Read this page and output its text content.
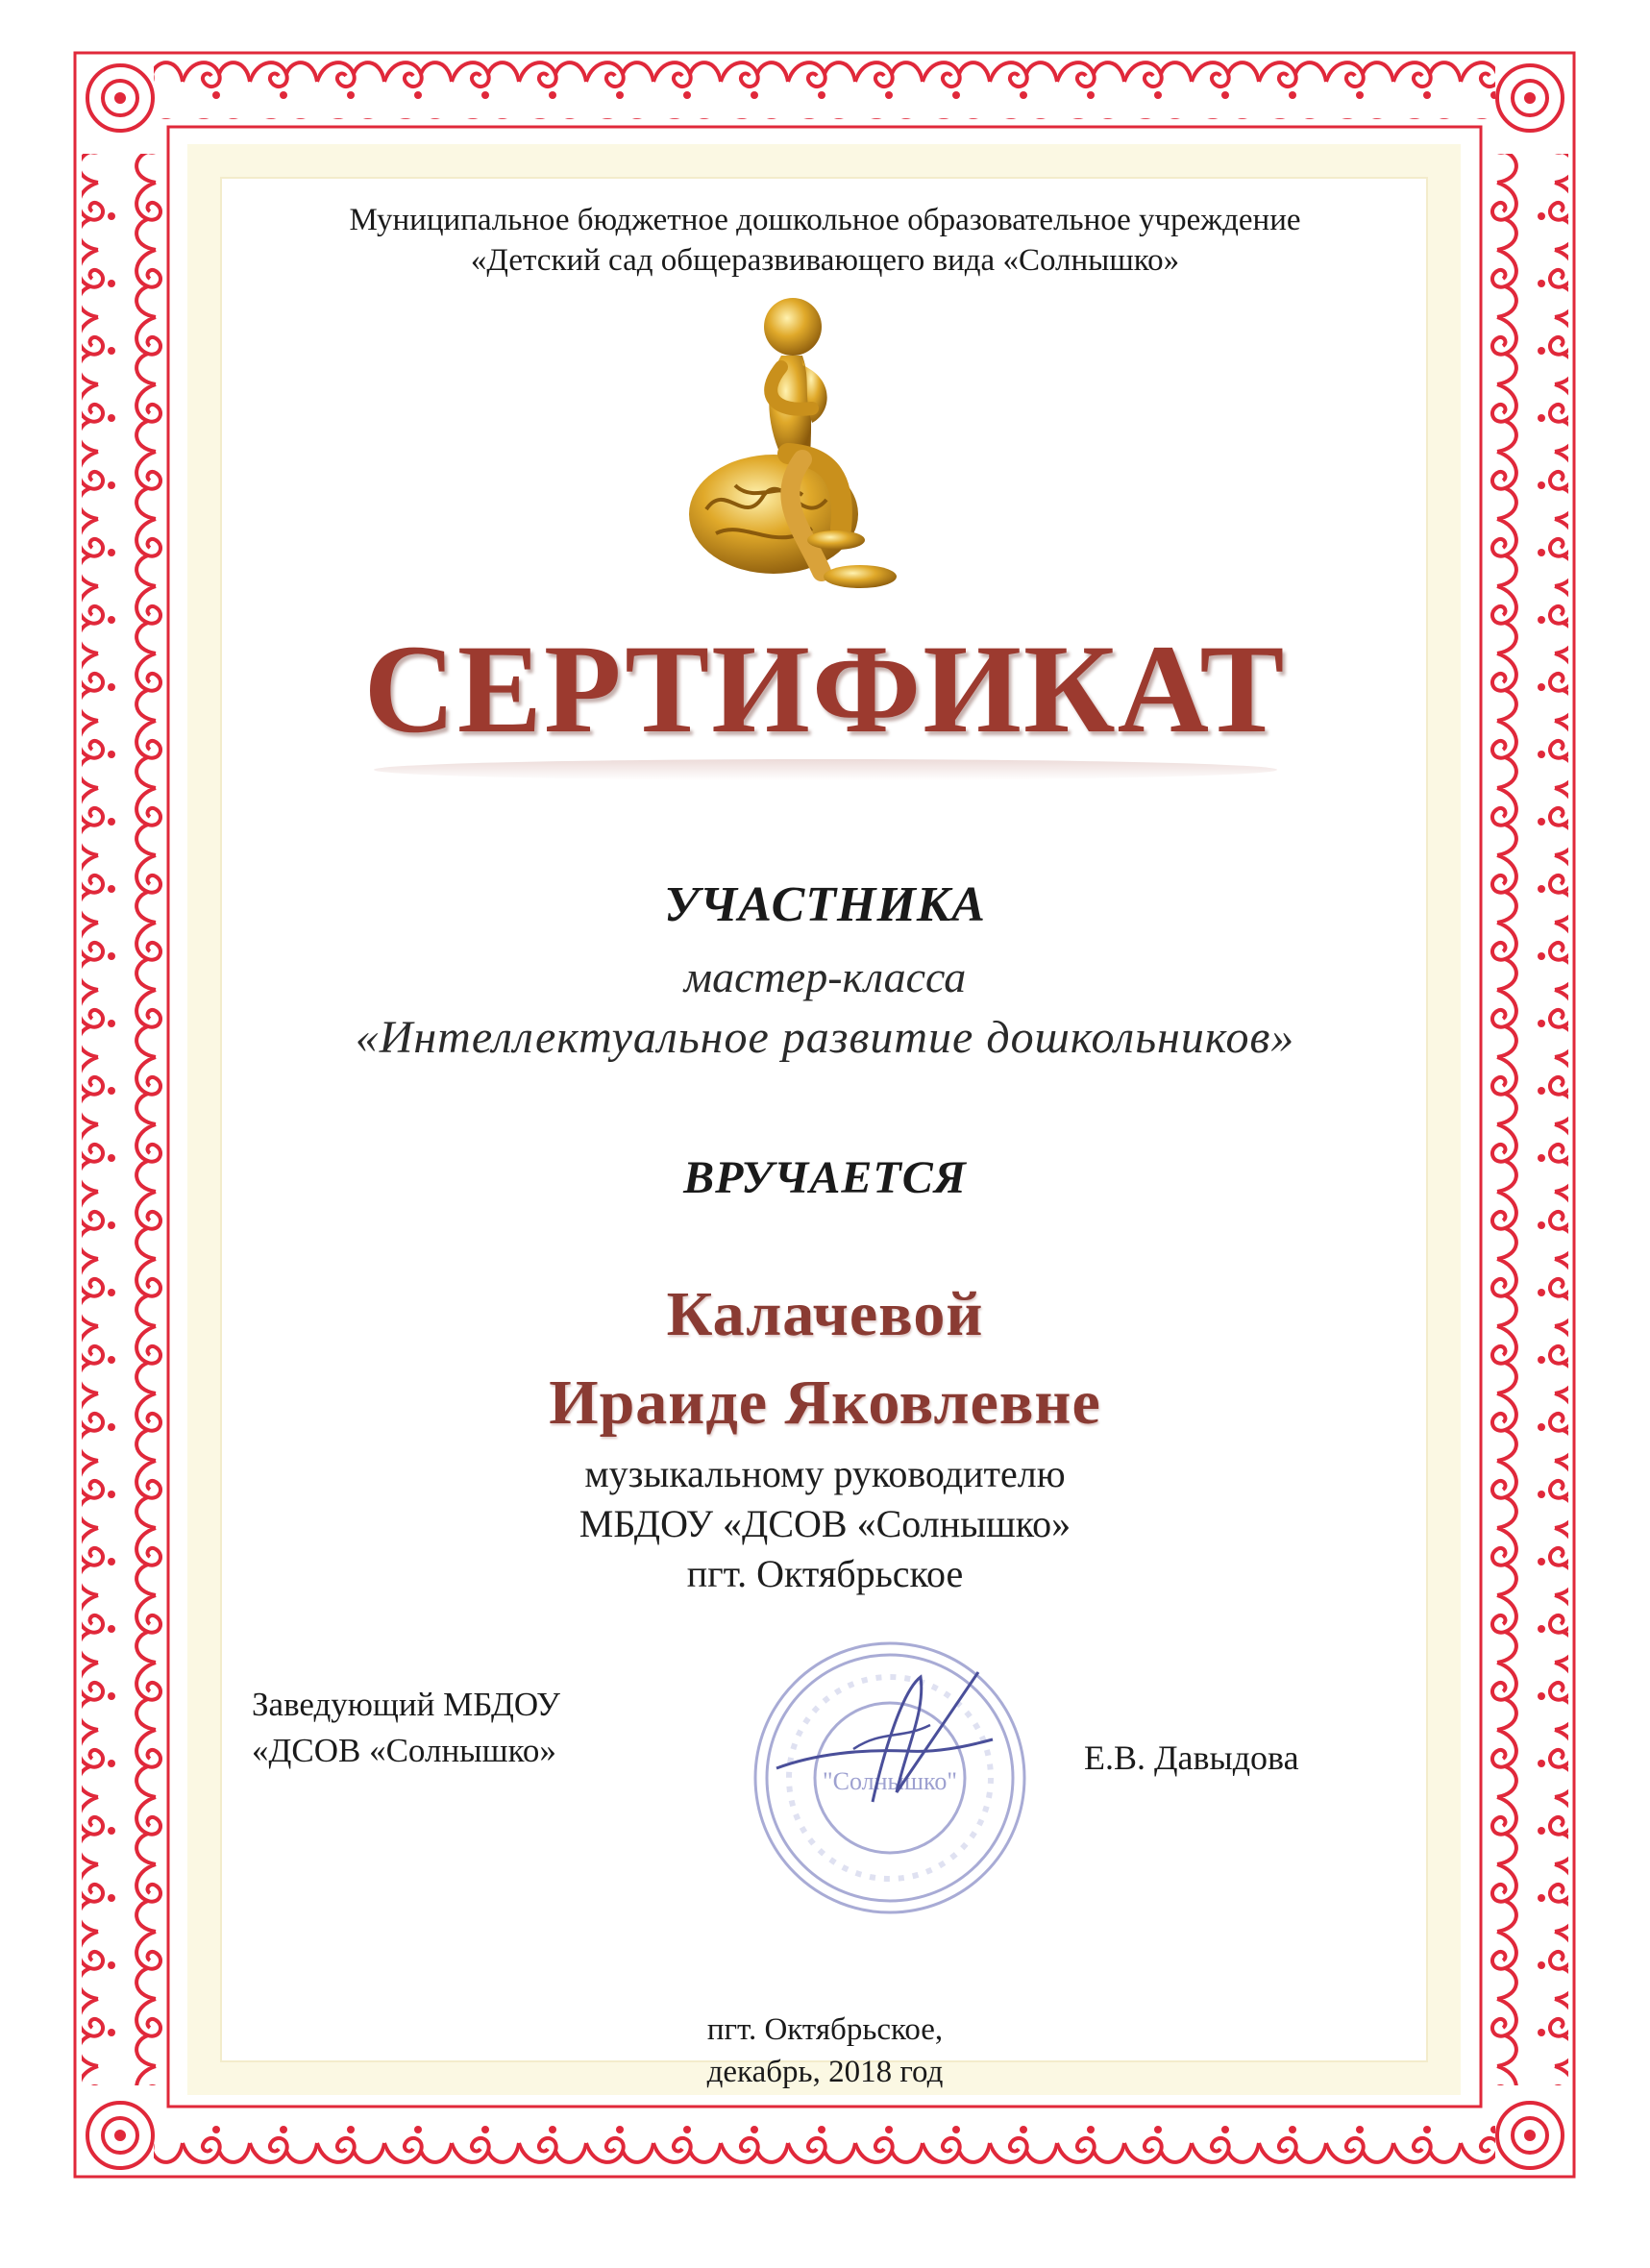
Муниципальное бюджетное дошкольное образовательное учреждение
«Детский сад общеразвивающего вида «Солнышко»
СЕРТИФИКАТ
УЧАСТНИКА
мастер-класса
«Интеллектуальное развитие дошкольников»
ВРУЧАЕТСЯ
Калачевой
Ираиде Яковлевне
музыкальному руководителю
МБДОУ «ДСОВ «Солнышко»
пгт. Октябрьское
Заведующий МБДОУ
«ДСОВ «Солнышко»
"Солнышко"
Е.В. Давыдова
пгт. Октябрьское,
декабрь, 2018 год
